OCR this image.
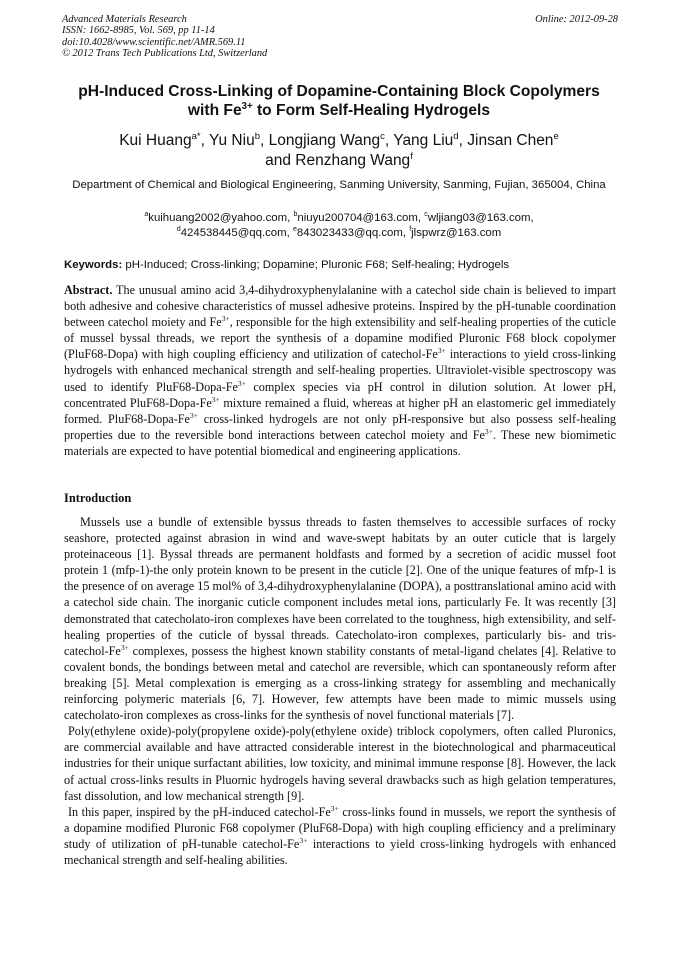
Advanced Materials Research
ISSN: 1662-8985, Vol. 569, pp 11-14
doi:10.4028/www.scientific.net/AMR.569.11
© 2012 Trans Tech Publications Ltd, Switzerland
Online: 2012-09-28
pH-Induced Cross-Linking of Dopamine-Containing Block Copolymers
with $Fe^{3+}$ to Form Self-Healing Hydrogels
Kui Huang$^{a*}$, Yu Niu$^b$, Longjiang Wang$^c$, Yang Liu$^d$, Jinsan Chen$^e$
and Renzhang Wang$^f$
Department of Chemical and Biological Engineering, Sanming University, Sanming, Fujian, 365004, China
$^a$kuihuang2002@yahoo.com, $^b$niuyu200704@163.com, $^c$wljiang03@163.com,
$^d$424538445@qq.com, $^e$843023433@qq.com, $^f$jlspwrz@163.com
Keywords: pH-Induced; Cross-linking; Dopamine; Pluronic F68; Self-healing; Hydrogels
Abstract. The unusual amino acid 3,4-dihydroxyphenylalanine with a catechol side chain is believed to impart both adhesive and cohesive characteristics of mussel adhesive proteins. Inspired by the pH-tunable coordination between catechol moiety and $Fe^{3+}$, responsible for the high extensibility and self-healing properties of the cuticle of mussel byssal threads, we report the synthesis of a dopamine modified Pluronic F68 block copolymer (PluF68-Dopa) with high coupling efficiency and utilization of catechol-$Fe^{3+}$ interactions to yield cross-linking hydrogels with enhanced mechanical strength and self-healing properties. Ultraviolet-visible spectroscopy was used to identify $PluF68-Dopa-Fe^{3+}$ complex species via pH control in dilution solution. At lower pH, concentrated $PluF68-Dopa-Fe^{3+}$ mixture remained a fluid, whereas at higher pH an elastomeric gel immediately formed. $PluF68-Dopa-Fe^{3+}$ cross-linked hydrogels are not only pH-responsive but also possess self-healing properties due to the reversible bond interactions between catechol moiety and $Fe^{3+}$. These new biomimetic materials are expected to have potential biomedical and engineering applications.
Introduction

Mussels use a bundle of extensible byssus threads to fasten themselves to accessible surfaces of rocky seashore, protected against abrasion in wind and wave-swept habitats by an outer cuticle that is largely proteinaceous [1]. Byssal threads are permanent holdfasts and formed by a secretion of acidic mussel foot protein 1 (mfp-1)-the only protein known to be present in the cuticle [2]. One of the unique features of mfp-1 is the presence of on average 15 mol% of 3,4-dihydroxyphenylalanine (DOPA), a posttranslational amino acid with a catechol side chain. The inorganic cuticle component includes metal ions, particularly Fe. It was recently [3] demonstrated that catecholato-iron complexes have been correlated to the toughness, high extensibility, and self-healing properties of the cuticle of byssal threads. Catecholato-iron complexes, particularly bis- and tris-$catechol-Fe^{3+}$ complexes, possess the highest known stability constants of metal-ligand chelates [4]. Relative to covalent bonds, the bondings between metal and catechol are reversible, which can spontaneously reform after breaking [5]. Metal complexation is emerging as a cross-linking strategy for assembling and mechanically reinforcing polymeric materials [6, 7]. However, few attempts have been made to mimic mussels using catecholato-iron complexes as cross-links for the synthesis of novel functional materials [7].

Poly(ethylene oxide)-poly(propylene oxide)-poly(ethylene oxide) triblock copolymers, often called Pluronics, are commercial available and have attracted considerable interest in the biotechnological and pharmaceutical industries for their unique surfactant abilities, low toxicity, and minimal immune response [8]. However, the lack of actual cross-links results in Pluornic hydrogels having several drawbacks such as high gelation temperatures, fast dissolution, and low mechanical strength [9].

In this paper, inspired by the pH-induced catechol-$Fe^{3+}$ cross-links found in mussels, we report the synthesis of a dopamine modified Pluronic F68 copolymer (PluF68-Dopa) with high coupling efficiency and a preliminary study of utilization of pH-tunable catechol-$Fe^{3+}$ interactions to yield cross-linking hydrogels with enhanced mechanical strength and self-healing abilities.
